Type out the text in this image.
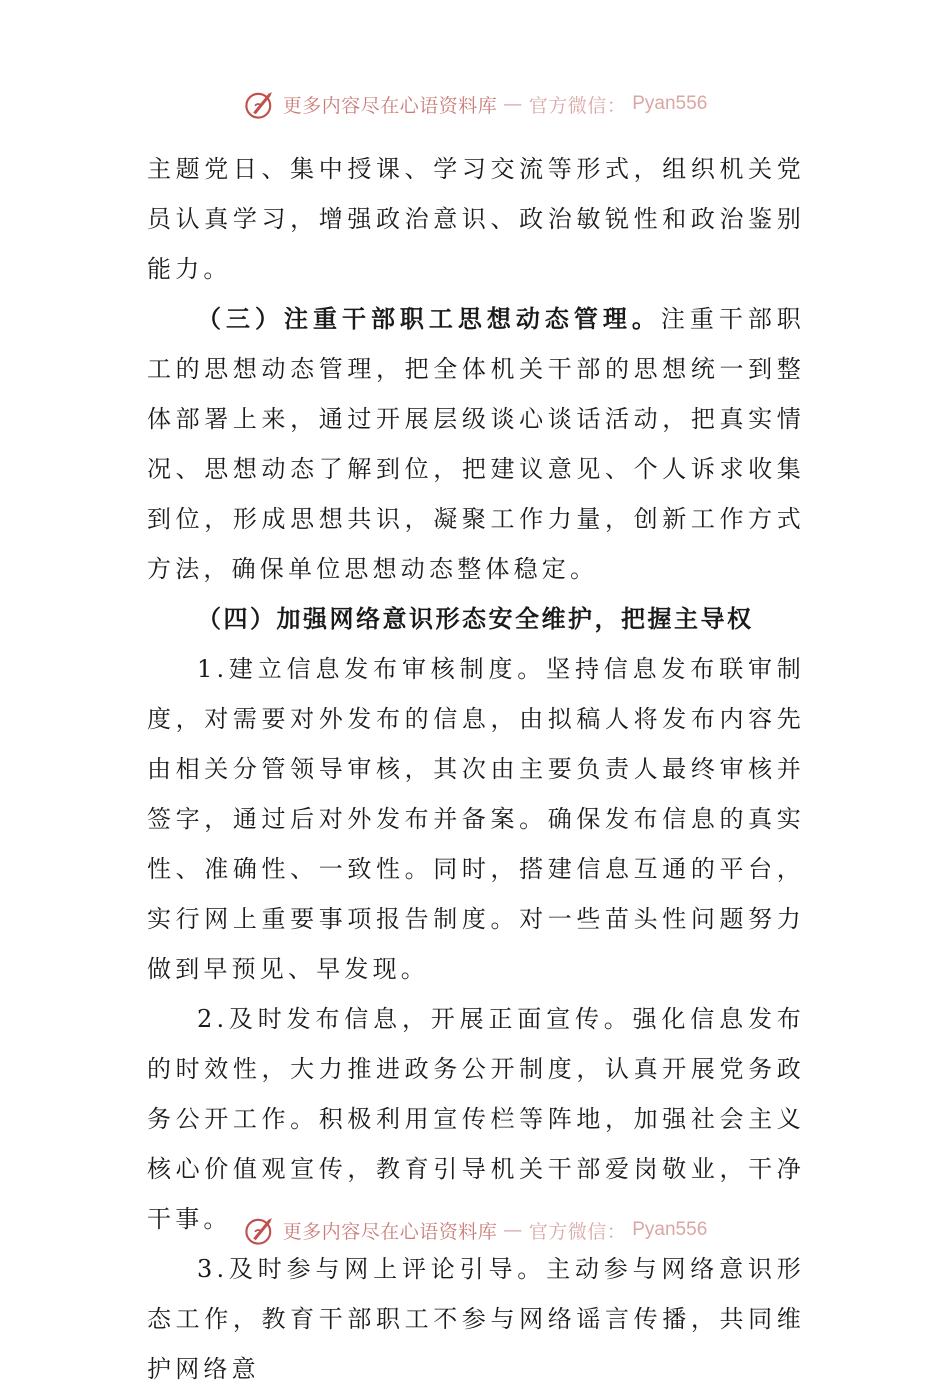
更多内容尽在心语资料库 — 官方微信： Pyan556

主题党日、集中授课、学习交流等形式，组织机关党员认真学习，增强政治意识、政治敏锐性和政治鉴别能力。

（三）注重干部职工思想动态管理。注重干部职工的思想动态管理，把全体机关干部的思想统一到整体部署上来，通过开展层级谈心谈话活动，把真实情况、思想动态了解到位，把建议意见、个人诉求收集到位，形成思想共识，凝聚工作力量，创新工作方式方法，确保单位思想动态整体稳定。

（四）加强网络意识形态安全维护，把握主导权

1.建立信息发布审核制度。坚持信息发布联审制度，对需要对外发布的信息，由拟稿人将发布内容先由相关分管领导审核，其次由主要负责人最终审核并签字，通过后对外发布并备案。确保发布信息的真实性、准确性、一致性。同时，搭建信息互通的平台，实行网上重要事项报告制度。对一些苗头性问题努力做到早预见、早发现。

2.及时发布信息，开展正面宣传。强化信息发布的时效性，大力推进政务公开制度，认真开展党务政务公开工作。积极利用宣传栏等阵地，加强社会主义核心价值观宣传，教育引导机关干部爱岗敬业，干净干事。

3.及时参与网上评论引导。主动参与网络意识形态工作，教育干部职工不参与网络谣言传播，共同维护网络意

更多内容尽在心语资料库 — 官方微信： Pyan556
